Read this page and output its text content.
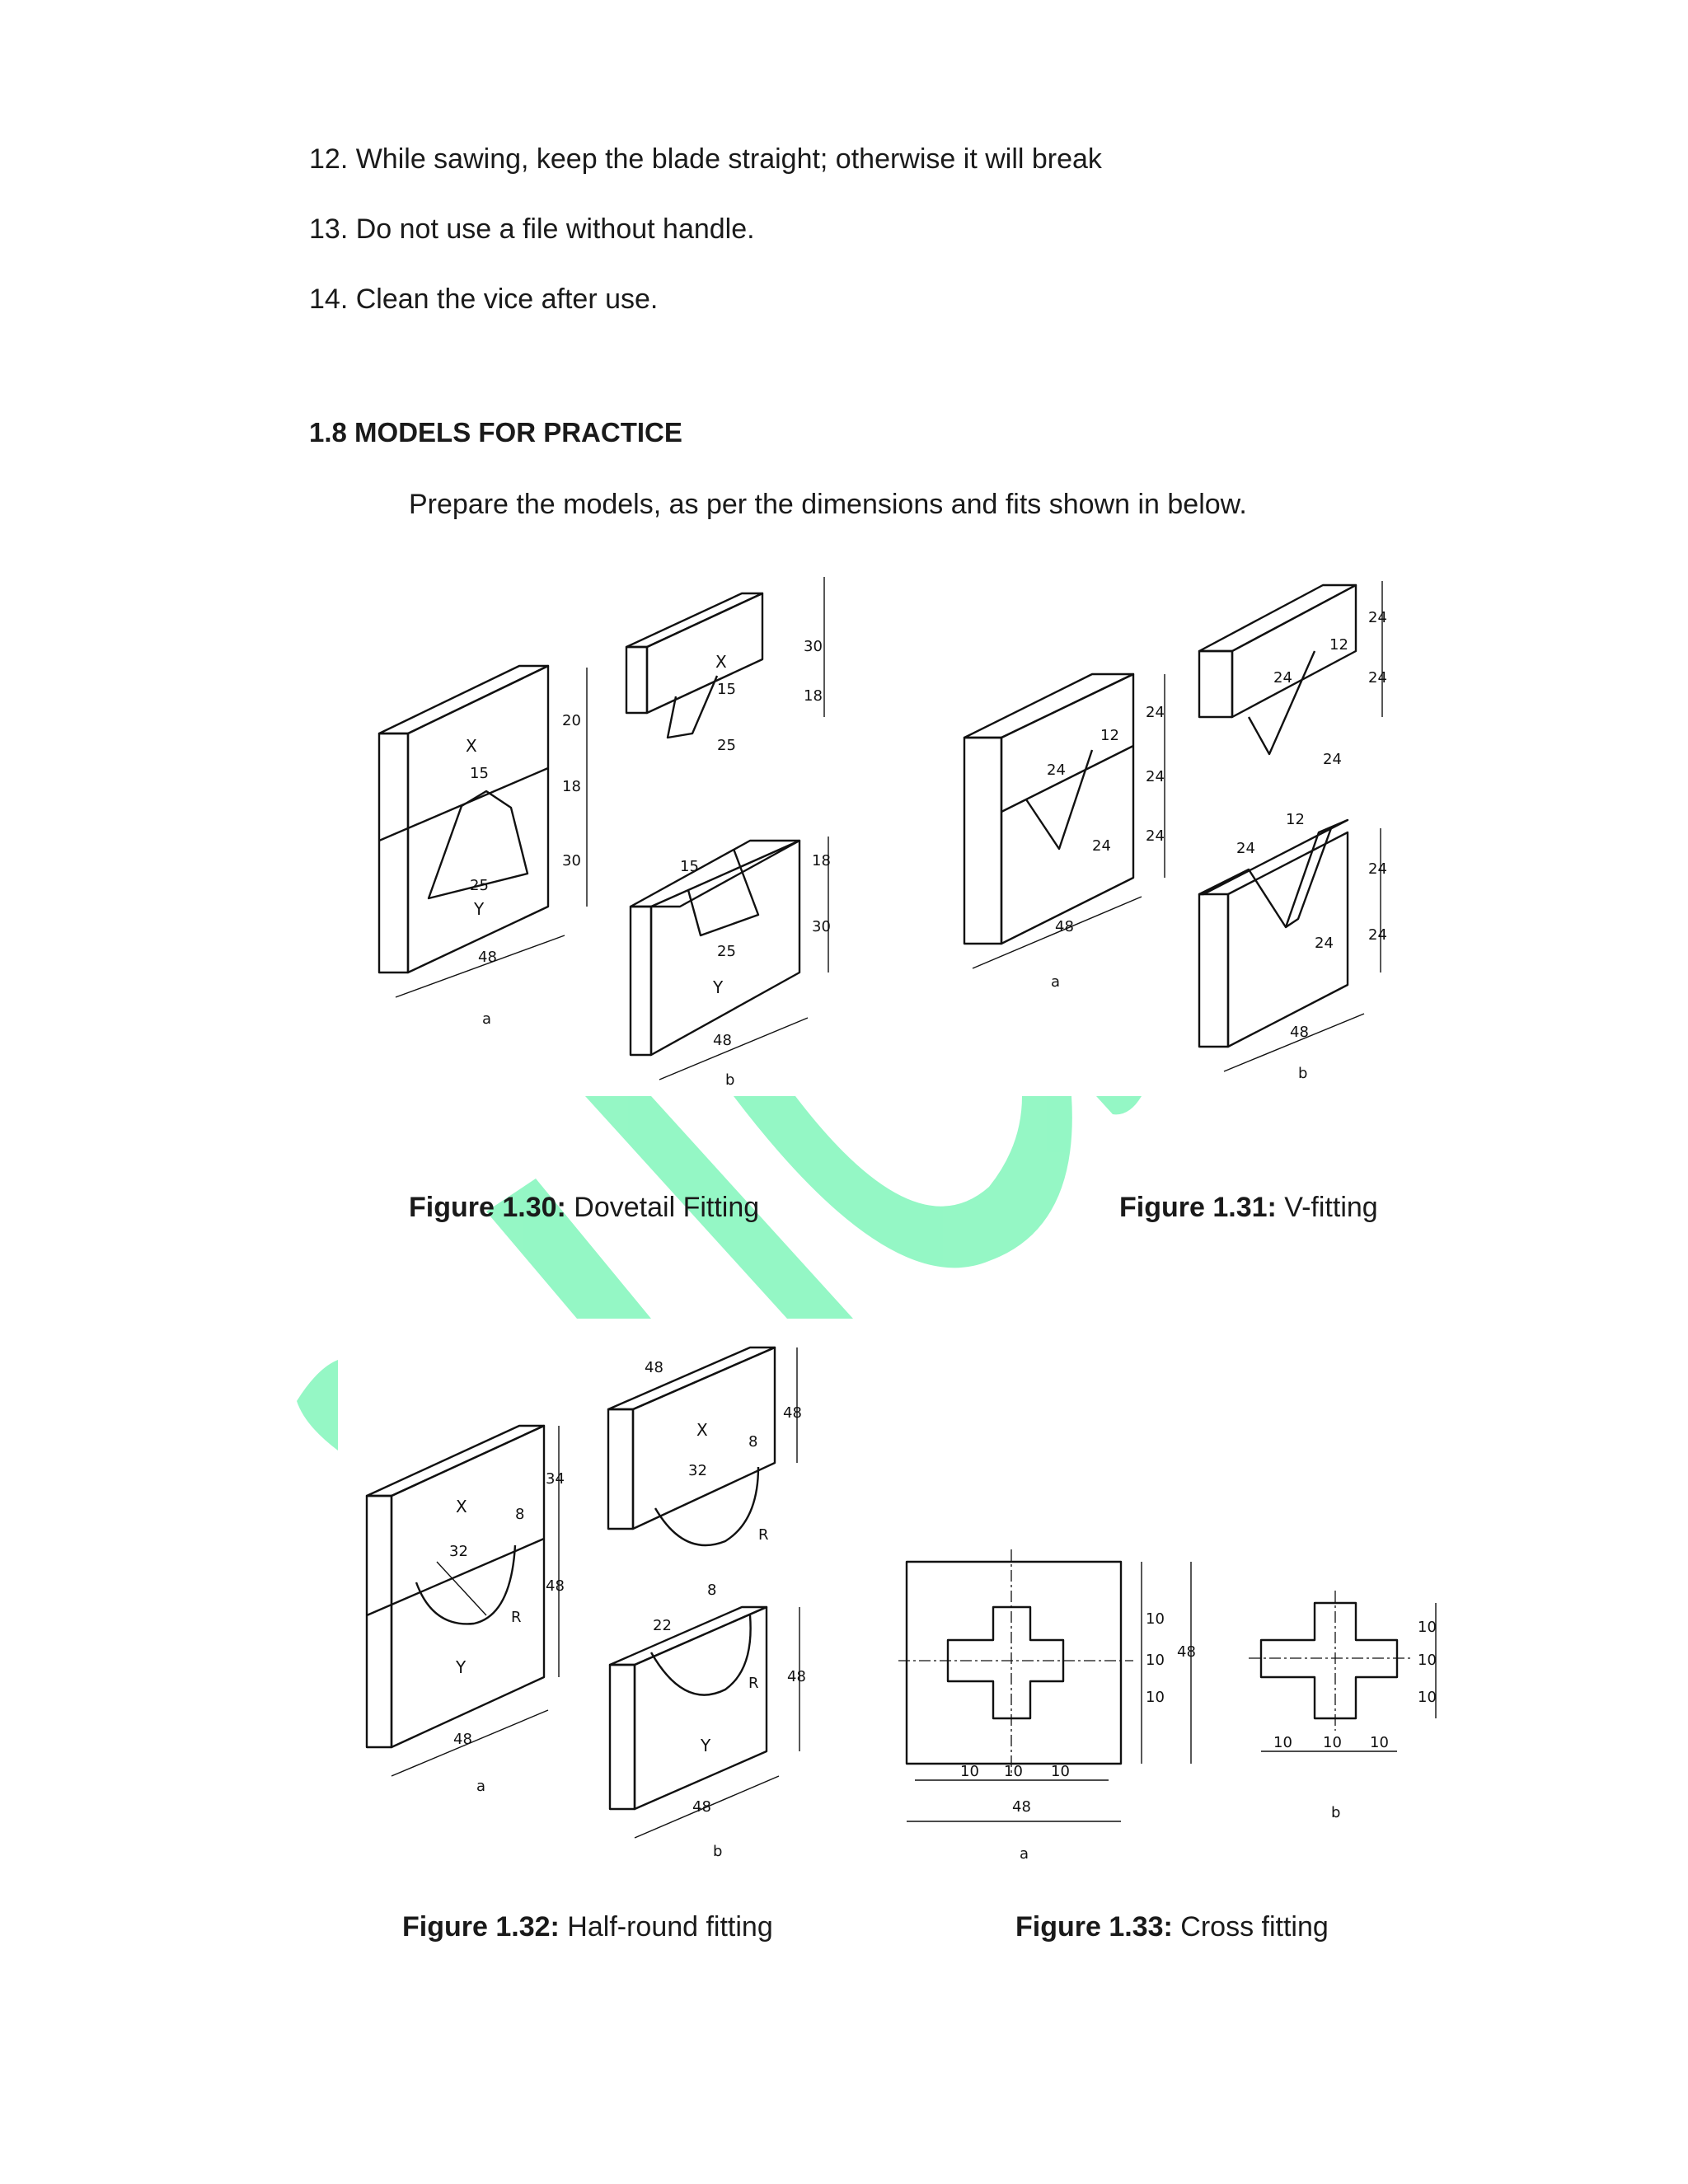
12. While sawing, keep the blade straight; otherwise it will break
13. Do not use a file without handle.
14. Clean the vice after use.
1.8 MODELS FOR PRACTICE
Prepare the models, as per the dimensions and fits shown in below.
X
Y
15
25
48
20
18
30
a
X
15
25
30
18
Y
15
25
48
18
30
b
24
12
24
48
24
24
24
a
24
12
24
24
24
24
12
24
48
24
24
b
Figure 1.30: Dovetail Fitting	Figure 1.31: V-fitting
X
Y
32
8
R
48
34
48
a
X
32
8
R
48
48
Y
22
8
R
48
48
b
10 10 10
48
10
10
10
48
a
10 10 10
10
10
10
b
Figure 1.32: Half-round fitting	Figure 1.33: Cross fitting
